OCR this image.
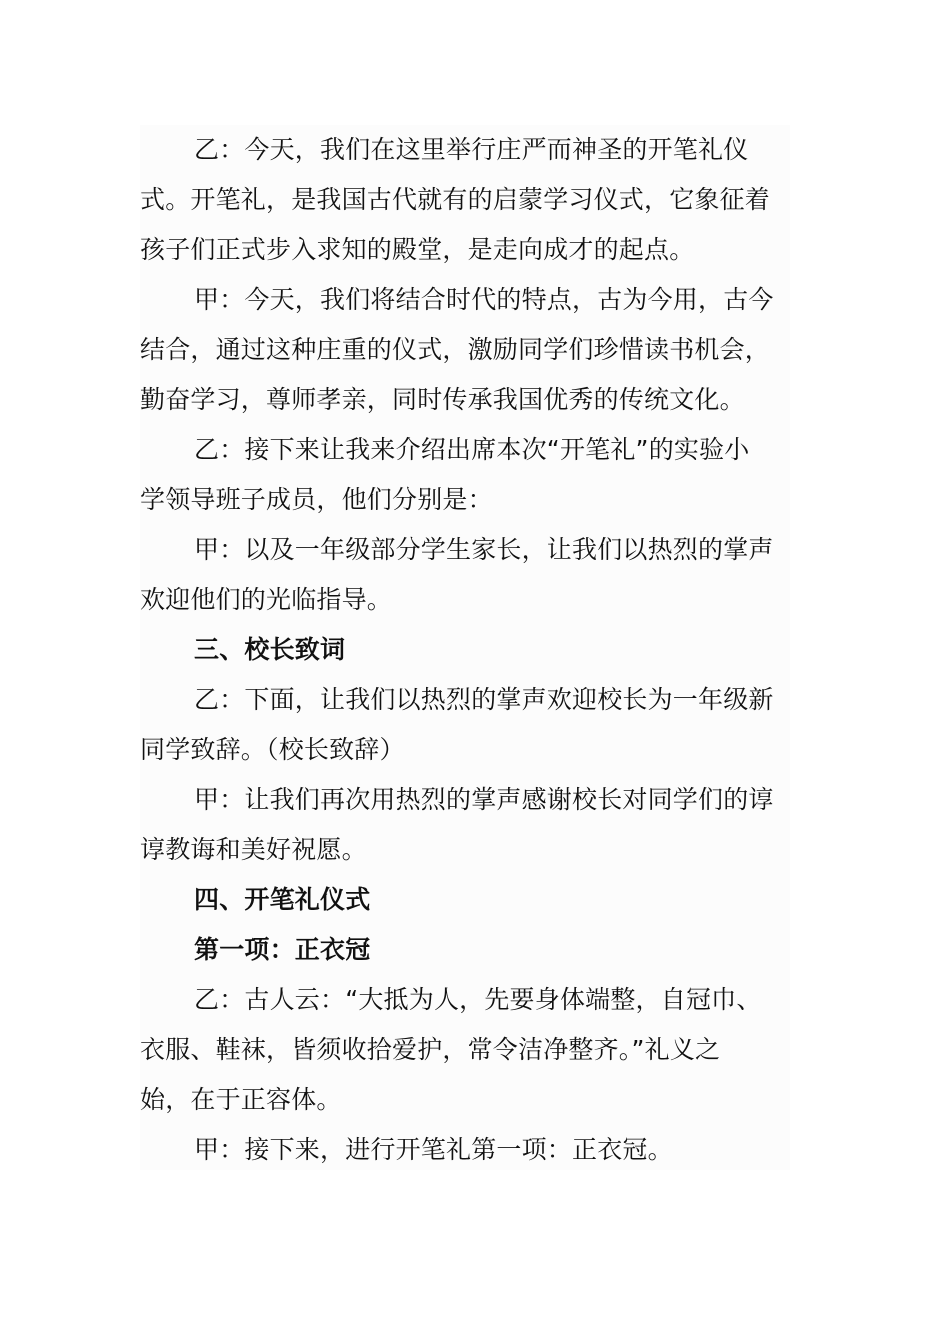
乙：今天，我们在这里举行庄严而神圣的开笔礼仪
式。开笔礼，是我国古代就有的启蒙学习仪式，它象征着
孩子们正式步入求知的殿堂，是走向成才的起点。
甲：今天，我们将结合时代的特点，古为今用，古今
结合，通过这种庄重的仪式，激励同学们珍惜读书机会，
勤奋学习，尊师孝亲，同时传承我国优秀的传统文化。
乙：接下来让我来介绍出席本次“开笔礼”的实验小
学领导班子成员，他们分别是：
甲：以及一年级部分学生家长，让我们以热烈的掌声
欢迎他们的光临指导。
三、校长致词
乙：下面，让我们以热烈的掌声欢迎校长为一年级新
同学致辞。（校长致辞）
甲：让我们再次用热烈的掌声感谢校长对同学们的谆
谆教诲和美好祝愿。
四、开笔礼仪式
第一项：正衣冠
乙：古人云：“大抵为人，先要身体端整，自冠巾、
衣服、鞋袜，皆须收拾爱护，常令洁净整齐。”礼义之
始，在于正容体。
甲：接下来，进行开笔礼第一项：正衣冠。
